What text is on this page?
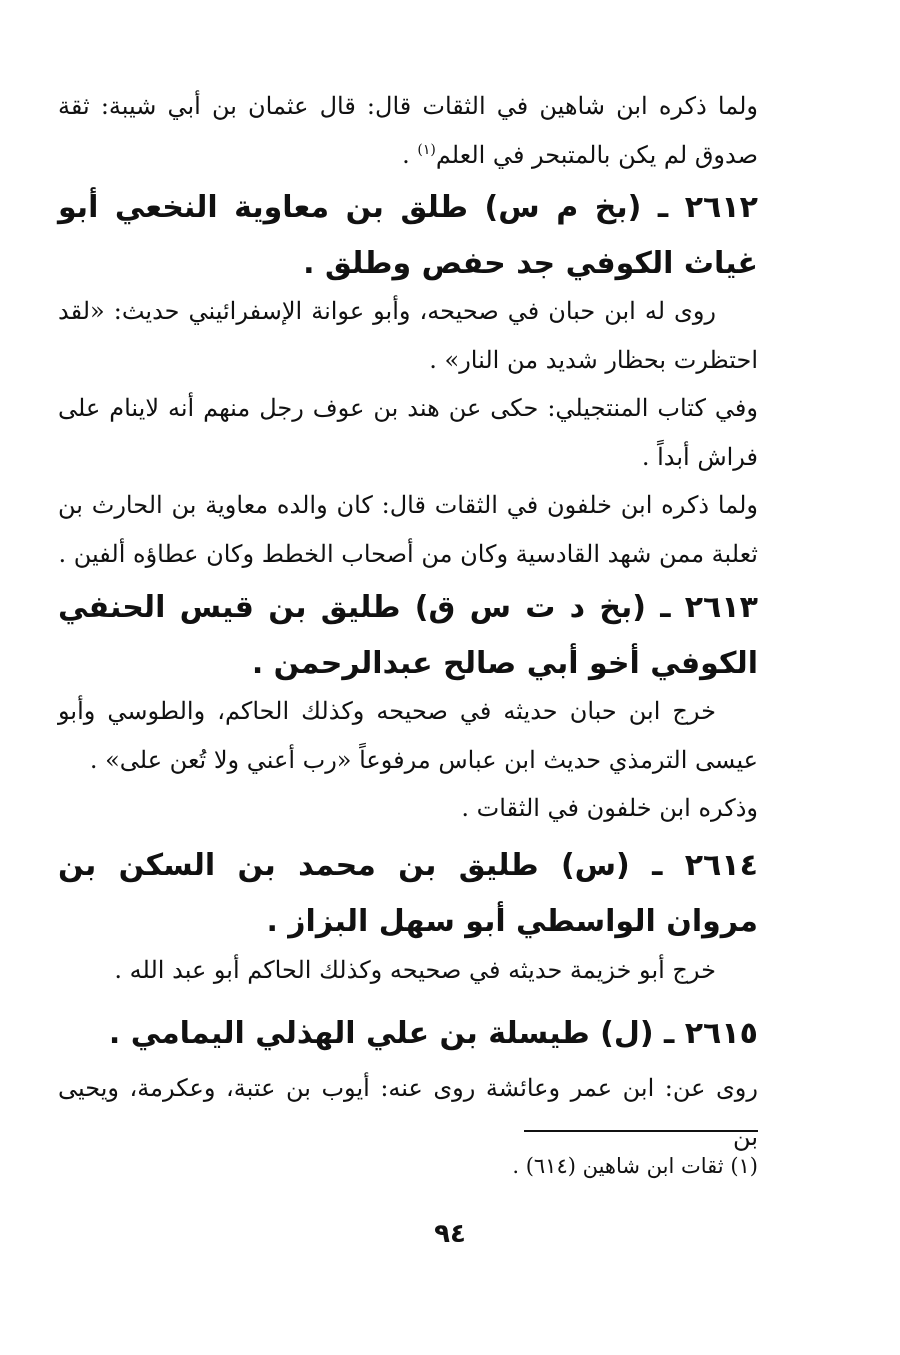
ولما ذكره ابن شاهين في الثقات قال: قال عثمان بن أبي شيبة: ثقة صدوق لم يكن بالمتبحر في العلم$^{(١)}$ .
٢٦١٢ ـ (بخ م س) طلق بن معاوية النخعي أبو غياث الكوفي جد حفص وطلق .
روى له ابن حبان في صحيحه، وأبو عوانة الإسفرائيني حديث: «لقد احتظرت بحظار شديد من النار» .
وفي كتاب المنتجيلي: حكى عن هند بن عوف رجل منهم أنه لاينام على فراش أبداً .
ولما ذكره ابن خلفون في الثقات قال: كان والده معاوية بن الحارث بن ثعلبة ممن شهد القادسية وكان من أصحاب الخطط وكان عطاؤه ألفين .
٢٦١٣ ـ (بخ د ت س ق) طليق بن قيس الحنفي الكوفي أخو أبي صالح عبدالرحمن .
خرج ابن حبان حديثه في صحيحه وكذلك الحاكم، والطوسي وأبو عيسى الترمذي حديث ابن عباس مرفوعاً «رب أعني ولا تُعن على» .
وذكره ابن خلفون في الثقات .
٢٦١٤ ـ (س) طليق بن محمد بن السكن بن مروان الواسطي أبو سهل البزاز .
خرج أبو خزيمة حديثه في صحيحه وكذلك الحاكم أبو عبد الله .
٢٦١٥ ـ (ل) طيسلة بن علي الهذلي اليمامي .
روى عن: ابن عمر وعائشة روى عنه: أيوب بن عتبة، وعكرمة، ويحيى بن
(١) ثقات ابن شاهين (٦١٤) .
٩٤
